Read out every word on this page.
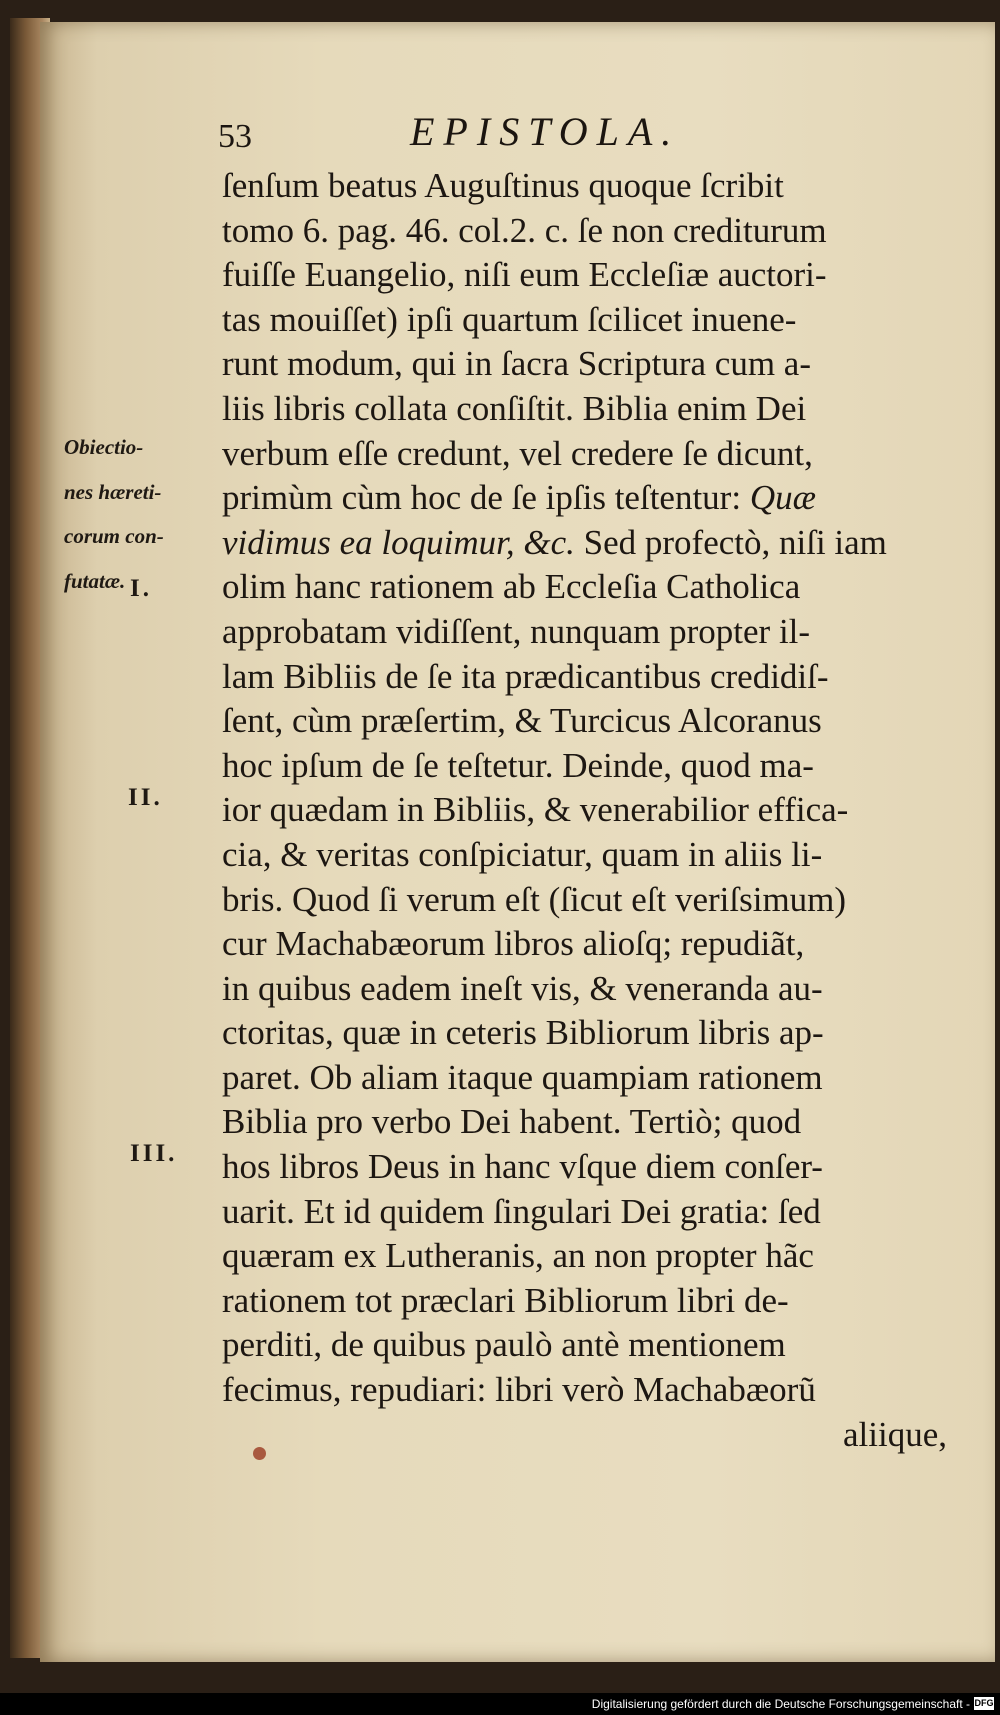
53	EPISTOLA.
ſenſum beatus Auguſtinus quoque ſcribit
tomo 6. pag. 46. col.2. c. ſe non crediturum
fuiſſe Euangelio, niſi eum Eccleſiæ auctori-
tas mouiſſet) ipſi quartum ſcilicet inuene-
runt modum, qui in ſacra Scriptura cum a-
liis libris collata conſiſtit. Biblia enim Dei
verbum eſſe credunt, vel credere ſe dicunt,
primùm cùm hoc de ſe ipſis teſtentur: Quæ
vidimus ea loquimur, &c. Sed profectò, niſi iam
olim hanc rationem ab Eccleſia Catholica
approbatam vidiſſent, nunquam propter il-
lam Bibliis de ſe ita prædicantibus credidiſ-
ſent, cùm præſertim, & Turcicus Alcoranus
hoc ipſum de ſe teſtetur. Deinde, quod ma-
ior quædam in Bibliis, & venerabilior effica-
cia, & veritas conſpiciatur, quam in aliis li-
bris. Quod ſi verum eſt (ſicut eſt veriſsimum)
cur Machabæorum libros alioſq; repudiãt,
in quibus eadem ineſt vis, & veneranda au-
ctoritas, quæ in ceteris Bibliorum libris ap-
paret. Ob aliam itaque quampiam rationem
Biblia pro verbo Dei habent. Tertiò; quod
hos libros Deus in hanc vſque diem conſer-
uarit. Et id quidem ſingulari Dei gratia: ſed
quæram ex Lutheranis, an non propter hãc
rationem tot præclari Bibliorum libri de-
perditi, de quibus paulò antè mentionem
fecimus, repudiari: libri verò Machabæorũ
aliique,
Obiectio-
nes hæreti-
corum con-
futatæ. I.
II.
III.
Digitalisierung gefördert durch die Deutsche Forschungsgemeinschaft - DFG
